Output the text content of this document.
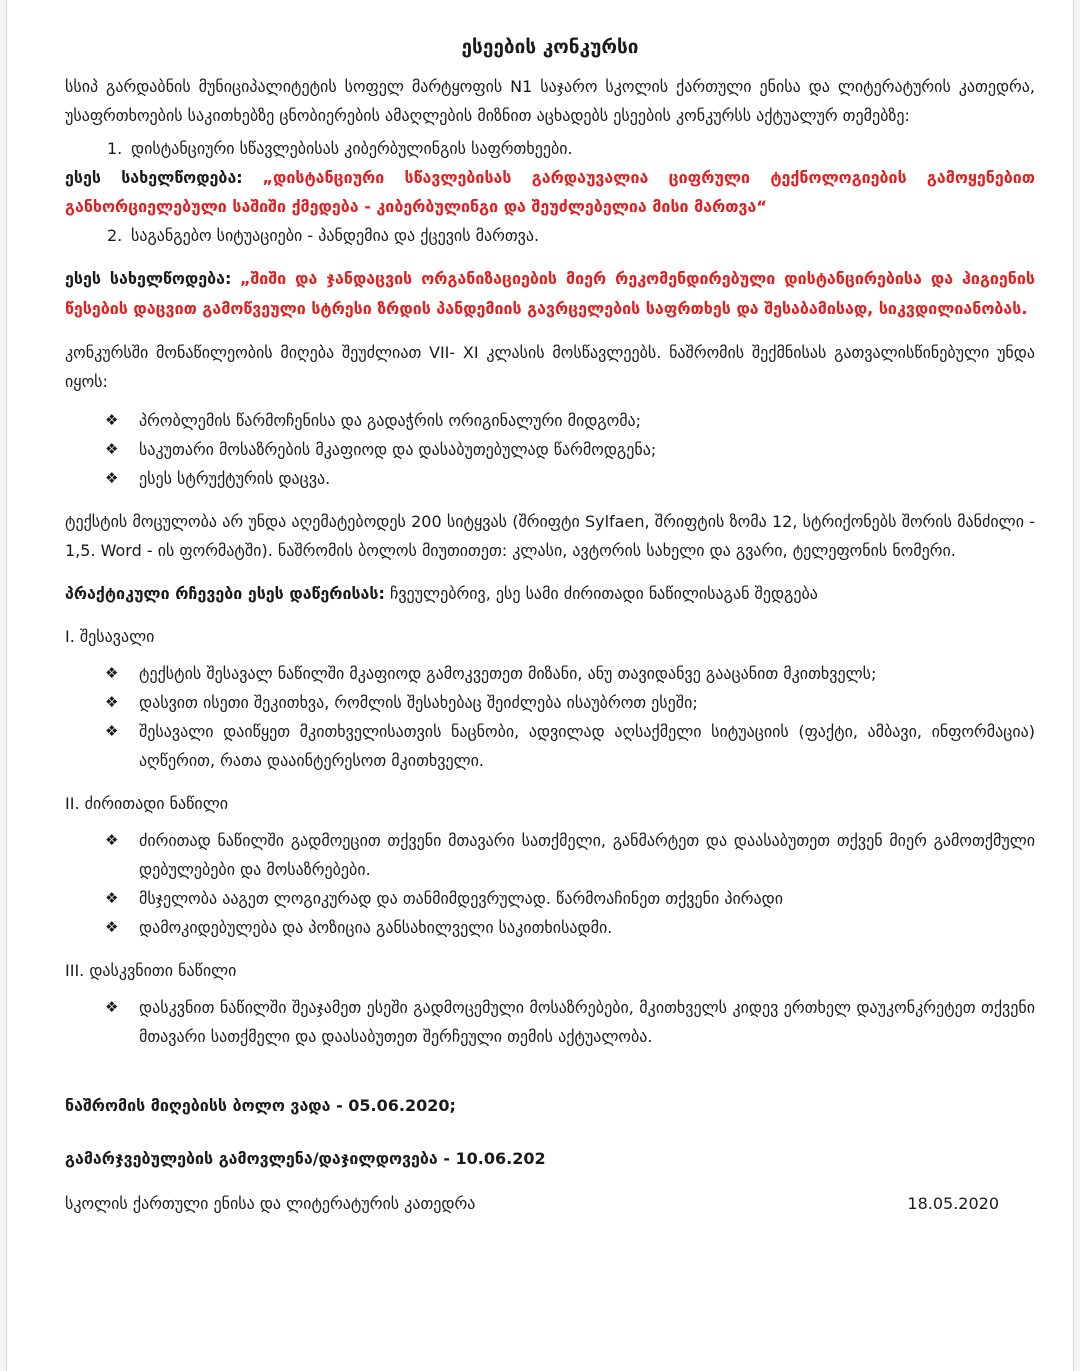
ესეების კონკურსი

სსიპ გარდაბნის მუნიციპალიტეტის სოფელ მარტყოფის N1 საჯარო სკოლის ქართული ენისა და ლიტერატურის კათედრა, უსაფრთხოების საკითხებზე ცნობიერების ამაღლების მიზნით აცხადებს ესეების კონკურსს აქტუალურ თემებზე:

1. დისტანციური სწავლებისას კიბერბულინგის საფრთხეები.

ესეს სახელწოდება: „დისტანციური სწავლებისას გარდაუვალია ციფრული ტექნოლოგიების გამოყენებით განხორციელებული საშიში ქმედება - კიბერბულინგი და შეუძლებელია მისი მართვა“

2. საგანგებო სიტუაციები - პანდემია და ქცევის მართვა.

ესეს სახელწოდება: „შიში და ჯანდაცვის ორგანიზაციების მიერ რეკომენდირებული დისტანცირებისა და ჰიგიენის წესების დაცვით გამოწვეული სტრესი ზრდის პანდემიის გავრცელების საფრთხეს და შესაბამისად, სიკვდილიანობას.

კონკურსში მონაწილეობის მიღება შეუძლიათ VII- XI კლასის მოსწავლეებს. ნაშრომის შექმნისას გათვალისწინებული უნდა იყოს:

❖ პრობლემის წარმოჩენისა და გადაჭრის ორიგინალური მიდგომა;
❖ საკუთარი მოსაზრების მკაფიოდ და დასაბუთებულად წარმოდგენა;
❖ ესეს სტრუქტურის დაცვა.

ტექსტის მოცულობა არ უნდა აღემატებოდეს 200 სიტყვას (შრიფტი Sylfaen, შრიფტის ზომა 12, სტრიქონებს შორის მანძილი - 1,5. Word - ის ფორმატში). ნაშრომის ბოლოს მიუთითეთ: კლასი, ავტორის სახელი და გვარი, ტელეფონის ნომერი.

პრაქტიკული რჩევები ესეს დაწერისას: ჩვეულებრივ, ესე სამი ძირითადი ნაწილისაგან შედგება

I. შესავალი
❖ ტექსტის შესავალ ნაწილში მკაფიოდ გამოკვეთეთ მიზანი, ანუ თავიდანვე გააცანით მკითხველს;
❖ დასვით ისეთი შეკითხვა, რომლის შესახებაც შეიძლება ისაუბროთ ესეში;
❖ შესავალი დაიწყეთ მკითხველისათვის ნაცნობი, ადვილად აღსაქმელი სიტუაციის (ფაქტი, ამბავი, ინფორმაცია) აღწერით, რათა დააინტერესოთ მკითხველი.
II. ძირითადი ნაწილი
❖ ძირითად ნაწილში გადმოეცით თქვენი მთავარი სათქმელი, განმარტეთ და დაასაბუთეთ თქვენ მიერ გამოთქმული დებულებები და მოსაზრებები.
❖ მსჯელობა ააგეთ ლოგიკურად და თანმიმდევრულად. წარმოაჩინეთ თქვენი პირადი
❖ დამოკიდებულება და პოზიცია განსახილველი საკითხისადმი.
III. დასკვნითი ნაწილი
❖ დასკვნით ნაწილში შეაჯამეთ ესეში გადმოცემული მოსაზრებები, მკითხველს კიდევ ერთხელ დაუკონკრეტეთ თქვენი მთავარი სათქმელი და დაასაბუთეთ შერჩეული თემის აქტუალობა.

ნაშრომის მიღებისს ბოლო ვადა - 05.06.2020;

გამარჯვებულების გამოვლენა/დაჯილდოვება - 10.06.202

სკოლის ქართული ენისა და ლიტერატურის კათედრა	18.05.2020
